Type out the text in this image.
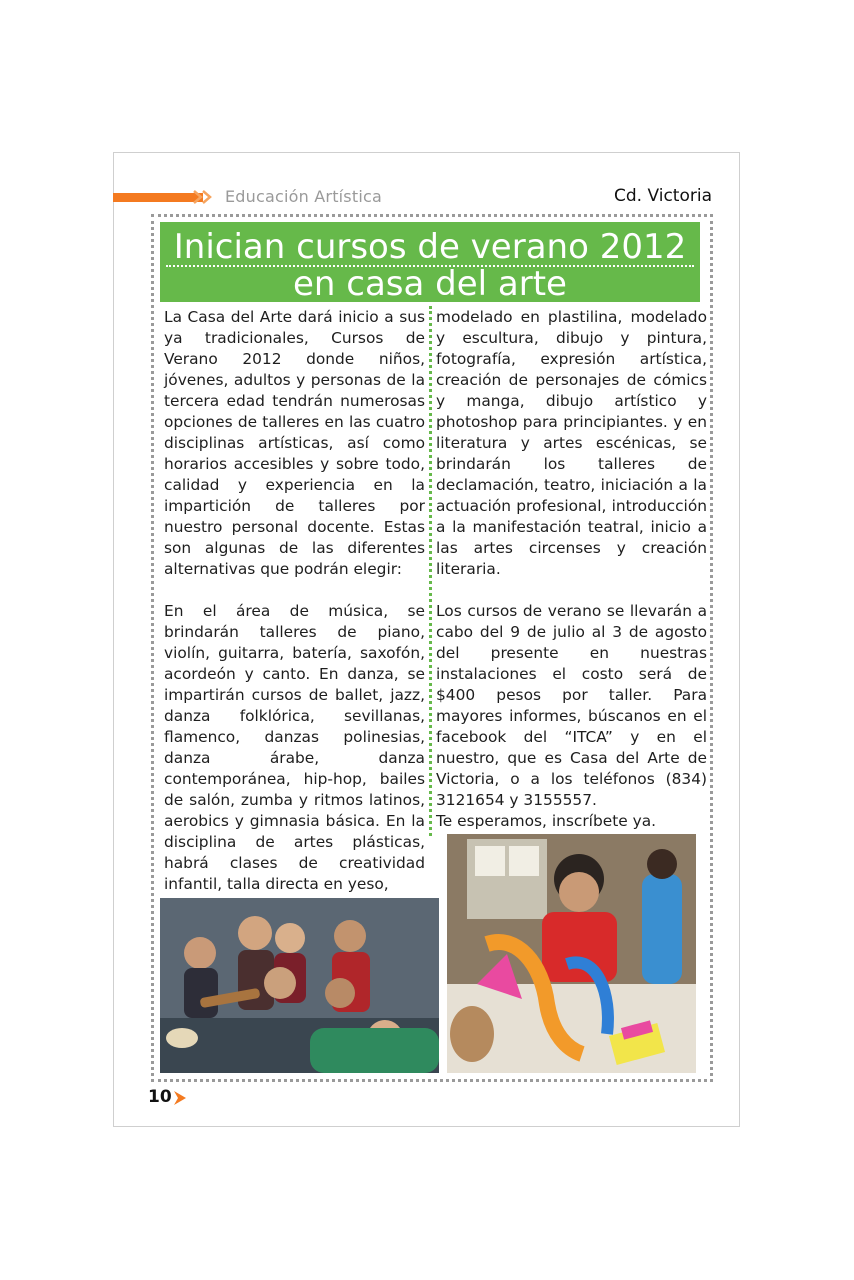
Educación Artística	Cd. Victoria
Inician cursos de verano 2012
en casa del arte

La Casa del Arte dará inicio a sus ya tradicionales, Cursos de Verano 2012 donde niños, jóvenes, adultos y personas de la tercera edad tendrán numerosas opciones de talleres en las cuatro disciplinas artísticas, así como horarios accesibles y sobre todo, calidad y experiencia en la impartición de talleres por nuestro personal docente. Estas son algunas de las diferentes alternativas que podrán elegir:

En el área de música, se brindarán talleres de piano, violín, guitarra, batería, saxofón, acordeón y canto. En danza, se impartirán cursos de ballet, jazz, danza folklórica, sevillanas, flamenco, danzas polinesias, danza árabe, danza contemporánea, hip-hop, bailes de salón, zumba y ritmos latinos, aerobics y gimnasia básica. En la disciplina de artes plásticas, habrá clases de creatividad infantil, talla directa en yeso,

modelado en plastilina, modelado y escultura, dibujo y pintura, fotografía, expresión artística, creación de personajes de cómics y manga, dibujo artístico y photoshop para principiantes. y en literatura y artes escénicas, se brindarán los talleres de declamación, teatro, iniciación a la actuación profesional, introducción a la manifestación teatral, inicio a las artes circenses y creación literaria.

Los cursos de verano se llevarán a cabo del 9 de julio al 3 de agosto del presente en nuestras instalaciones el costo será de $400 pesos por taller. Para mayores informes, búscanos en el facebook del “ITCA” y en el nuestro, que es Casa del Arte de Victoria, o a los teléfonos (834) 3121654 y 3155557.

Te esperamos, inscríbete ya.

10
